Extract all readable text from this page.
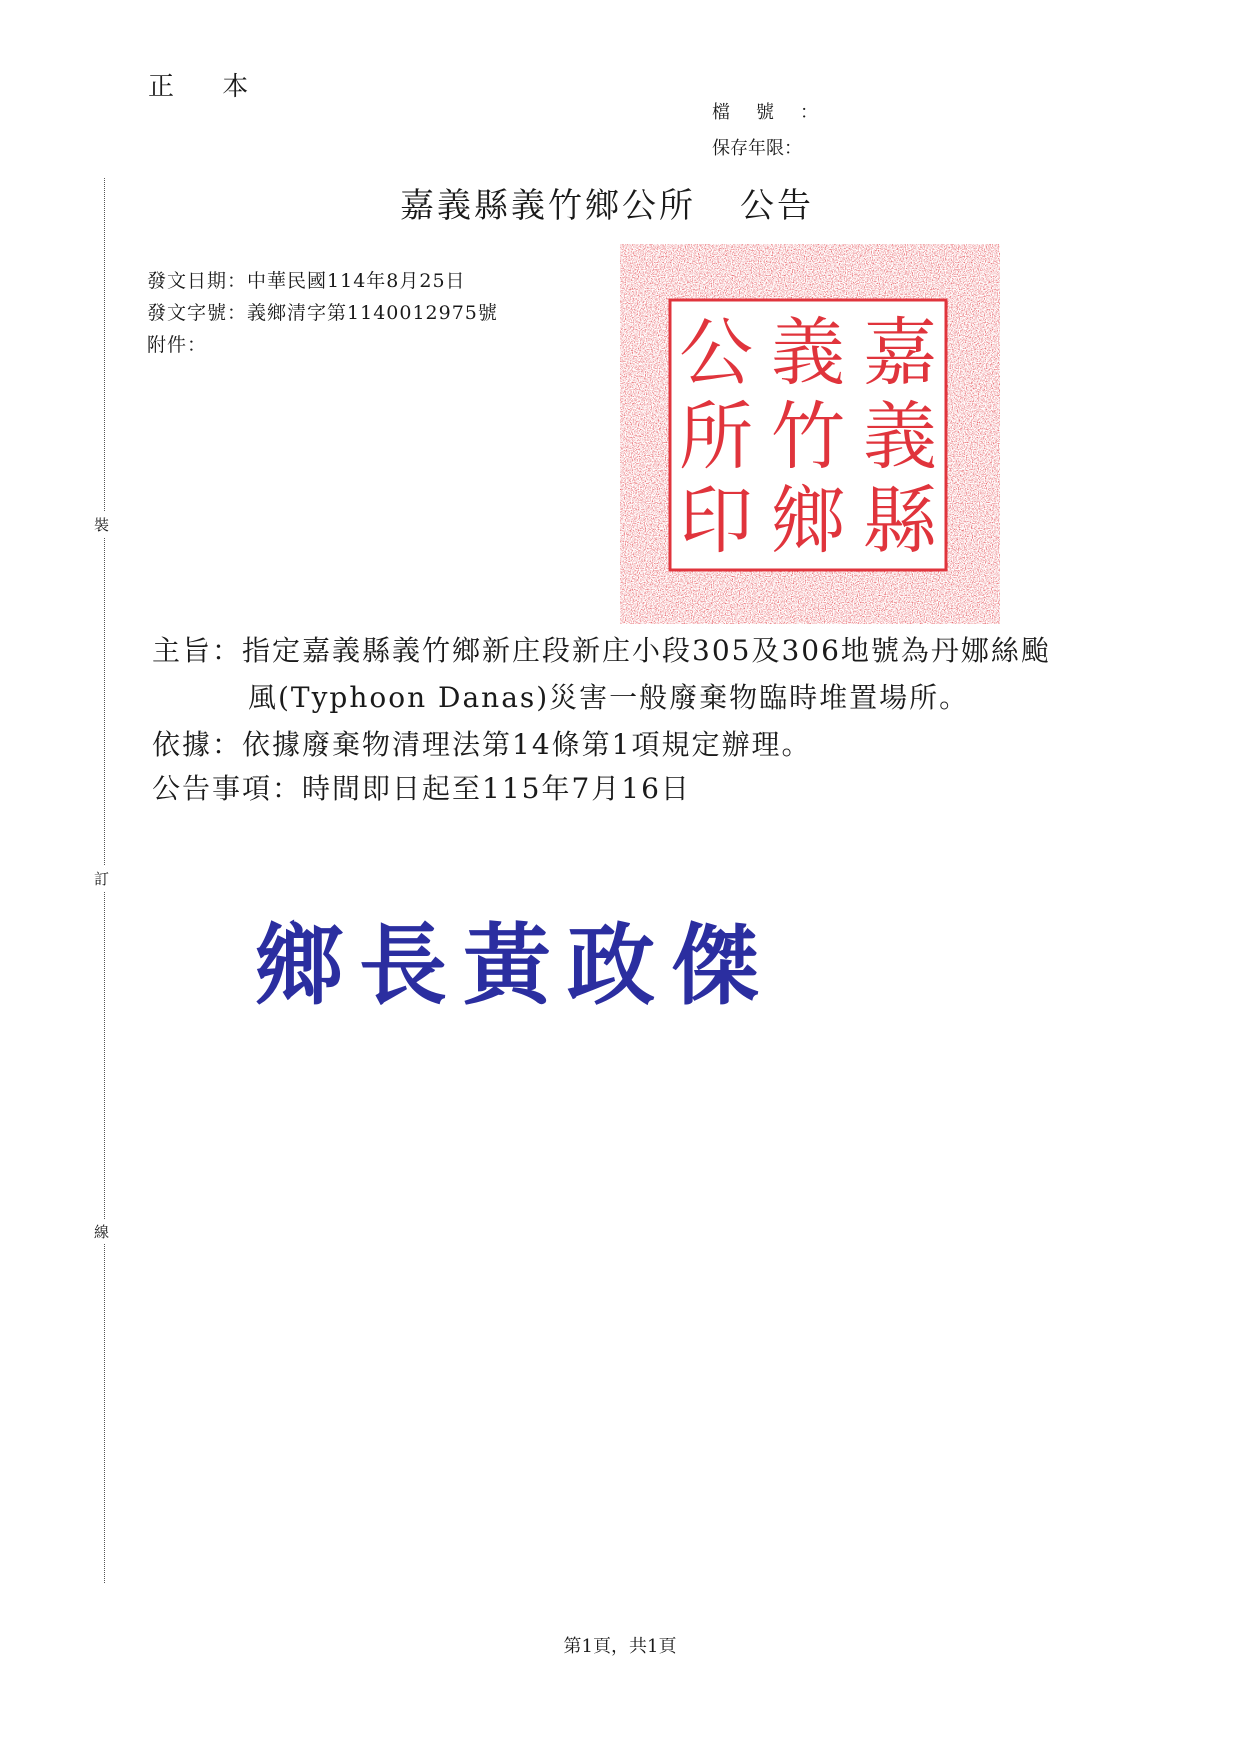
正 本
檔號：
保存年限：
裝
訂
線
嘉義縣義竹鄉公所 公告
發文日期：中華民國114年8月25日
發文字號：義鄉清字第1140012975號
附件：	嘉
義
縣
義
竹
鄉
公
所
印
主旨：指定嘉義縣義竹鄉新庄段新庄小段305及306地號為丹娜絲颱
風(Typhoon Danas)災害一般廢棄物臨時堆置場所。
依據：依據廢棄物清理法第14條第1項規定辦理。
公告事項：時間即日起至115年7月16日
鄉長黃政傑
第1頁，共1頁
